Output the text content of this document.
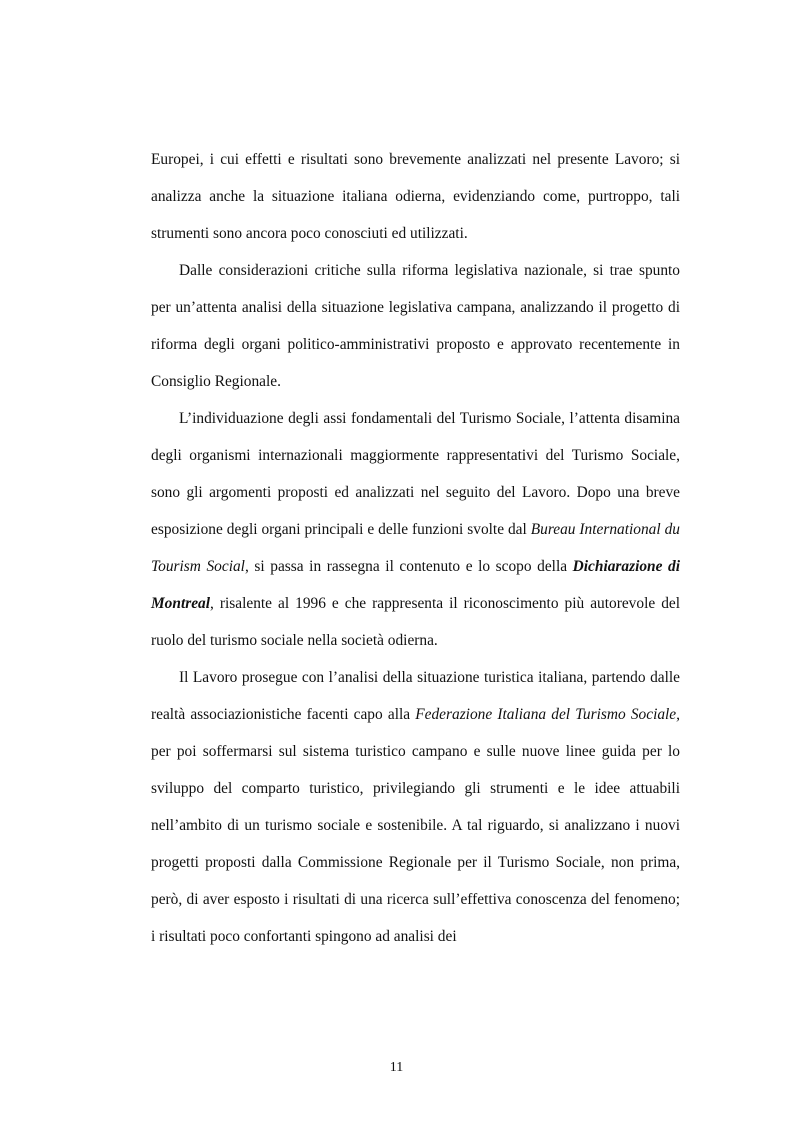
Europei, i cui effetti e risultati sono brevemente analizzati nel presente Lavoro; si analizza anche la situazione italiana odierna, evidenziando come, purtroppo, tali strumenti sono ancora poco conosciuti ed utilizzati.

Dalle considerazioni critiche sulla riforma legislativa nazionale, si trae spunto per un’attenta analisi della situazione legislativa campana, analizzando il progetto di riforma degli organi politico-amministrativi proposto e approvato recentemente in Consiglio Regionale.

L’individuazione degli assi fondamentali del Turismo Sociale, l’attenta disamina degli organismi internazionali maggiormente rappresentativi del Turismo Sociale, sono gli argomenti proposti ed analizzati nel seguito del Lavoro. Dopo una breve esposizione degli organi principali e delle funzioni svolte dal Bureau International du Tourism Social, si passa in rassegna il contenuto e lo scopo della Dichiarazione di Montreal, risalente al 1996 e che rappresenta il riconoscimento più autorevole del ruolo del turismo sociale nella società odierna.

Il Lavoro prosegue con l’analisi della situazione turistica italiana, partendo dalle realtà associazionistiche facenti capo alla Federazione Italiana del Turismo Sociale, per poi soffermarsi sul sistema turistico campano e sulle nuove linee guida per lo sviluppo del comparto turistico, privilegiando gli strumenti e le idee attuabili nell’ambito di un turismo sociale e sostenibile. A tal riguardo, si analizzano i nuovi progetti proposti dalla Commissione Regionale per il Turismo Sociale, non prima, però, di aver esposto i risultati di una ricerca sull’effettiva conoscenza del fenomeno; i risultati poco confortanti spingono ad analisi dei

11
